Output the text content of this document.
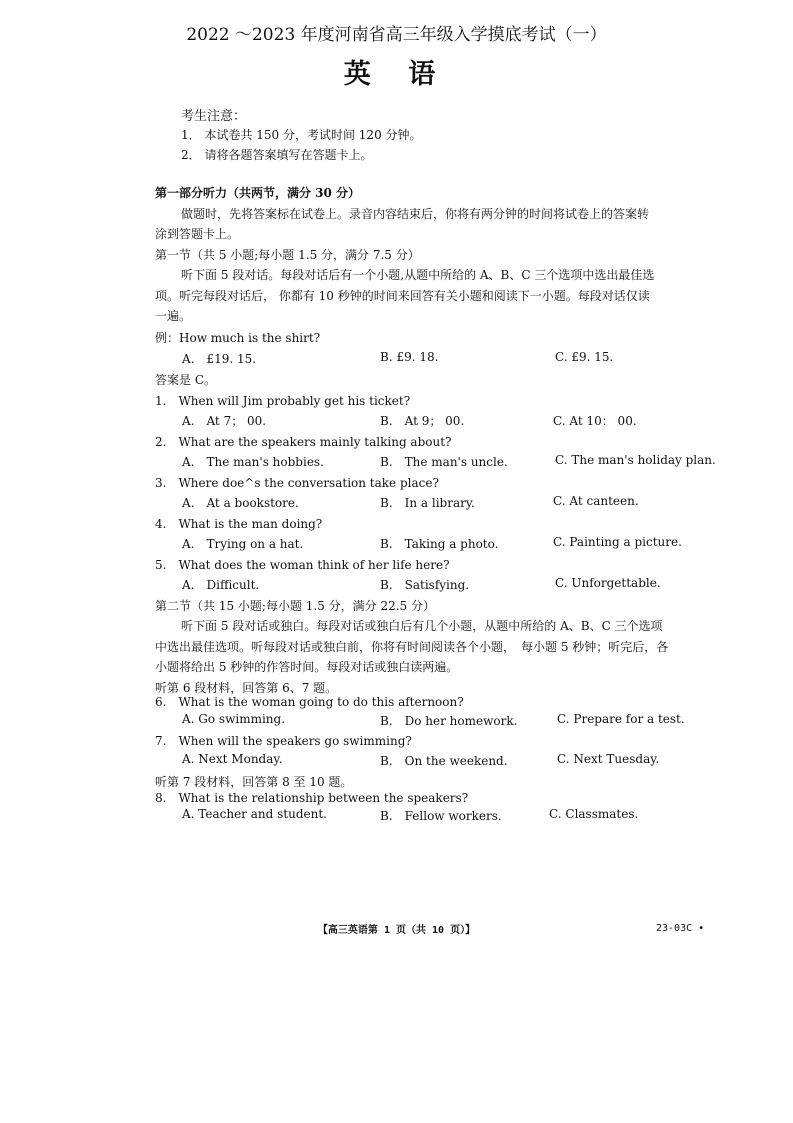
2022 ～2023 年度河南省高三年级入学摸底考试（一）
英 语
考生注意：
1． 本试卷共 150 分，考试时间 120 分钟。
2． 请将各题答案填写在答题卡上。
第一部分听力（共两节，满分 30 分）
做题时，先将答案标在试卷上。录音内容结束后，你将有两分钟的时间将试卷上的答案转
涂到答题卡上。
第一节（共 5 小题;每小题 1.5 分，满分 7.5 分）
听下面 5 段对话。每段对话后有一个小题,从题中所给的 A、B、C 三个选项中选出最佳选
项。听完每段对话后， 你都有 10 秒钟的时间来回答有关小题和阅读下一小题。每段对话仅读
一遍。
例：How much is the shirt?
A.　£19. 15.	B. £9. 18.	C. £9. 15.
答案是 C。
1.　When will Jim probably get his ticket?
A.　At 7； 00.	B.　At 9； 00.	C. At 10： 00.
2.　What are the speakers mainly talking about?
A.　The man's hobbies.	B.　The man's uncle.	C. The man's holiday plan.
3.　Where doe^s the conversation take place?
A.　At a bookstore.	B.　In a library.	C. At canteen.
4.　What is the man doing?
A.　Trying on a hat.	B.　Taking a photo.	C. Painting a picture.
5.　What does the woman think of her life here?
A.　Difficult.	B.　Satisfying.	C. Unforgettable.
第二节（共 15 小题;每小题 1.5 分，满分 22.5 分）
听下面 5 段对话或独白。每段对话或独白后有几个小题，从题中所给的 A、B、C 三个选项
中选出最佳选项。听每段对话或独白前，你将有时间阅读各个小题，　每小题 5 秒钟；听完后，各
小题将给出 5 秒钟的作答时间。每段对话或独白读两遍。
听第 6 段材料，回答第 6、7 题。
6.　What is the woman going to do this afternoon?
A. Go swimming.	B.　Do her homework.	C. Prepare for a test.
7.　When will the speakers go swimming?
A. Next Monday.	B.　On the weekend.	C. Next Tuesday.
听第 7 段材料，回答第 8 至 10 题。
8.　What is the relationship between the speakers?
A. Teacher and student.	B.　Fellow workers.	C. Classmates.
【高三英语第 1 页（共 10 页）】	23-03C •
